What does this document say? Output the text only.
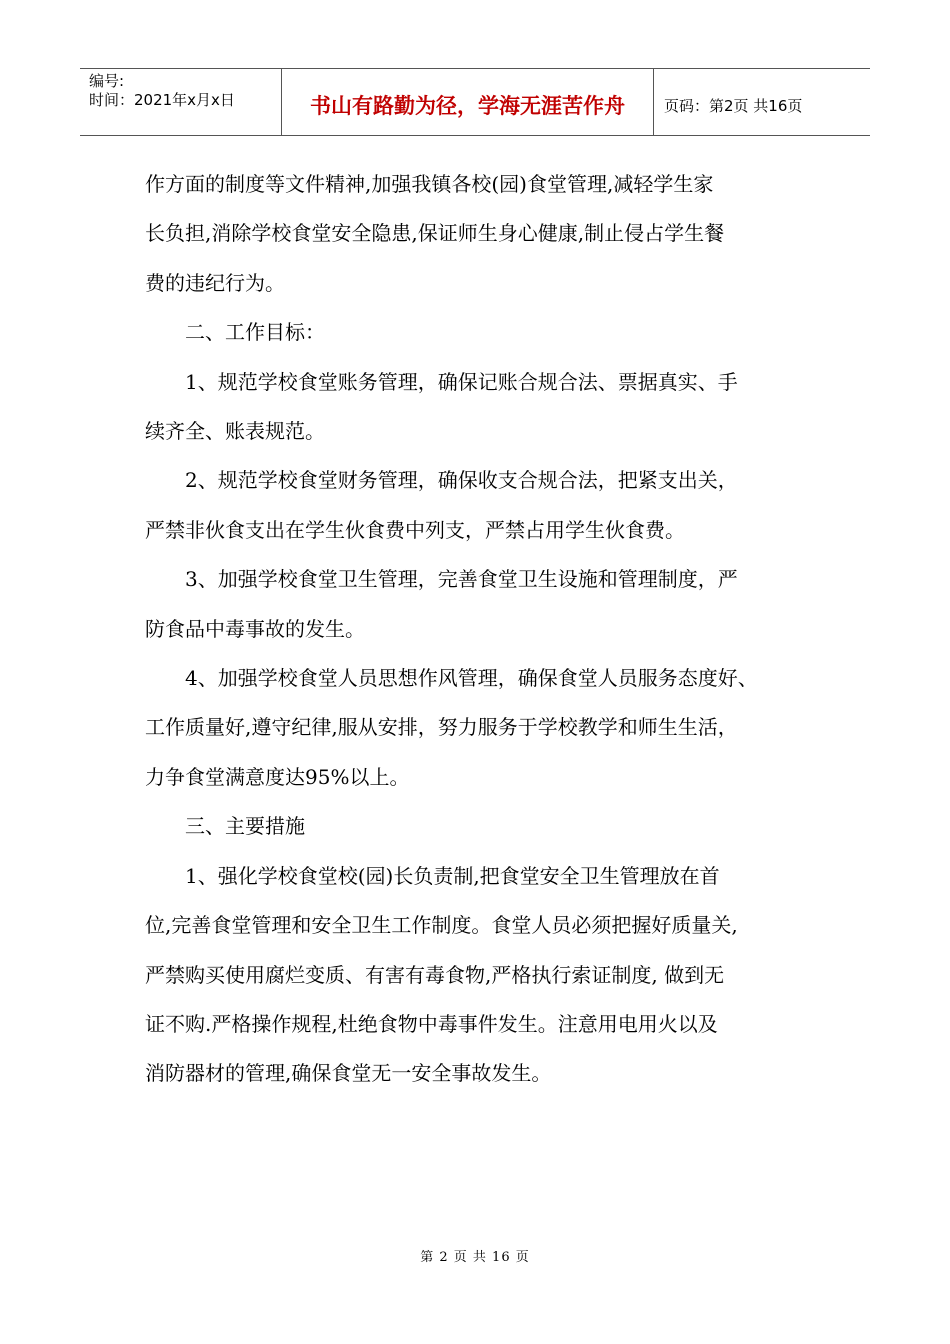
编号:
时间：2021年x月x日	书山有路勤为径，学海无涯苦作舟	页码：第2页 共16页

作方面的制度等文件精神,加强我镇各校(园)食堂管理,减轻学生家

长负担,消除学校食堂安全隐患,保证师生身心健康,制止侵占学生餐

费的违纪行为。

　　二、工作目标：

　　1、规范学校食堂账务管理，确保记账合规合法、票据真实、手

续齐全、账表规范。

　　2、规范学校食堂财务管理，确保收支合规合法，把紧支出关，

严禁非伙食支出在学生伙食费中列支，严禁占用学生伙食费。

　　3、加强学校食堂卫生管理，完善食堂卫生设施和管理制度，严

防食品中毒事故的发生。

　　4、加强学校食堂人员思想作风管理，确保食堂人员服务态度好、

工作质量好,遵守纪律,服从安排，努力服务于学校教学和师生生活，

力争食堂满意度达95%以上。

　　三、主要措施

　　1、强化学校食堂校(园)长负责制,把食堂安全卫生管理放在首

位,完善食堂管理和安全卫生工作制度。食堂人员必须把握好质量关,

严禁购买使用腐烂变质、有害有毒食物,严格执行索证制度, 做到无

证不购.严格操作规程,杜绝食物中毒事件发生。注意用电用火以及

消防器材的管理,确保食堂无一安全事故发生。

第 2 页 共 16 页
